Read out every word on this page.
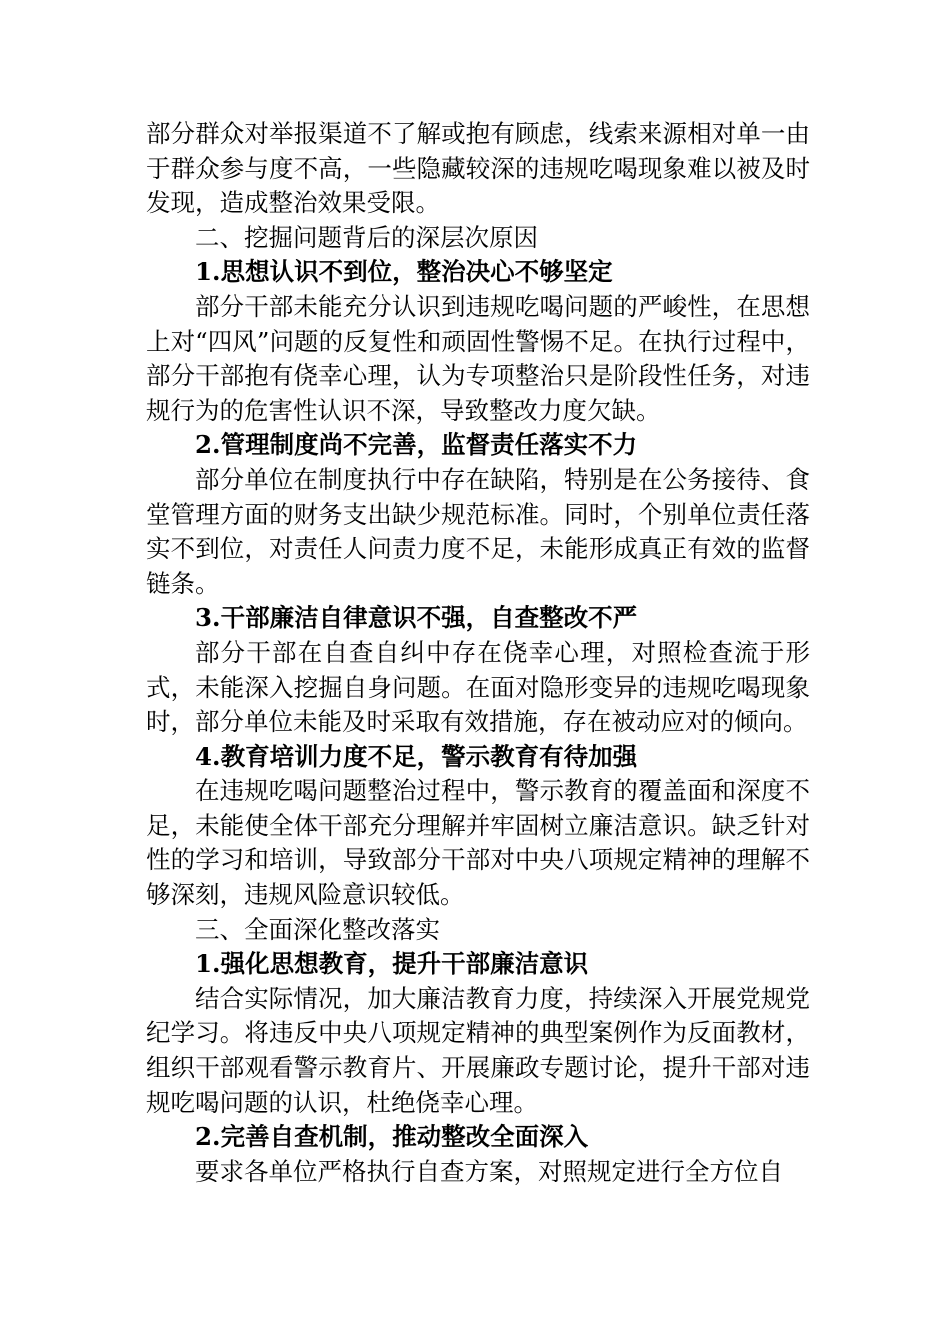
部分群众对举报渠道不了解或抱有顾虑，线索来源相对单一由于群众参与度不高，一些隐藏较深的违规吃喝现象难以被及时发现，造成整治效果受限。

二、挖掘问题背后的深层次原因

1.思想认识不到位，整治决心不够坚定

部分干部未能充分认识到违规吃喝问题的严峻性，在思想上对“四风”问题的反复性和顽固性警惕不足。在执行过程中，部分干部抱有侥幸心理，认为专项整治只是阶段性任务，对违规行为的危害性认识不深，导致整改力度欠缺。

2.管理制度尚不完善，监督责任落实不力

部分单位在制度执行中存在缺陷，特别是在公务接待、食堂管理方面的财务支出缺少规范标准。同时，个别单位责任落实不到位，对责任人问责力度不足，未能形成真正有效的监督链条。

3.干部廉洁自律意识不强，自查整改不严

部分干部在自查自纠中存在侥幸心理，对照检查流于形式，未能深入挖掘自身问题。在面对隐形变异的违规吃喝现象时，部分单位未能及时采取有效措施，存在被动应对的倾向。

4.教育培训力度不足，警示教育有待加强

在违规吃喝问题整治过程中，警示教育的覆盖面和深度不足，未能使全体干部充分理解并牢固树立廉洁意识。缺乏针对性的学习和培训，导致部分干部对中央八项规定精神的理解不够深刻，违规风险意识较低。

三、全面深化整改落实

1.强化思想教育，提升干部廉洁意识

结合实际情况，加大廉洁教育力度，持续深入开展党规党纪学习。将违反中央八项规定精神的典型案例作为反面教材，组织干部观看警示教育片、开展廉政专题讨论，提升干部对违规吃喝问题的认识，杜绝侥幸心理。

2.完善自查机制，推动整改全面深入

要求各单位严格执行自查方案，对照规定进行全方位自
